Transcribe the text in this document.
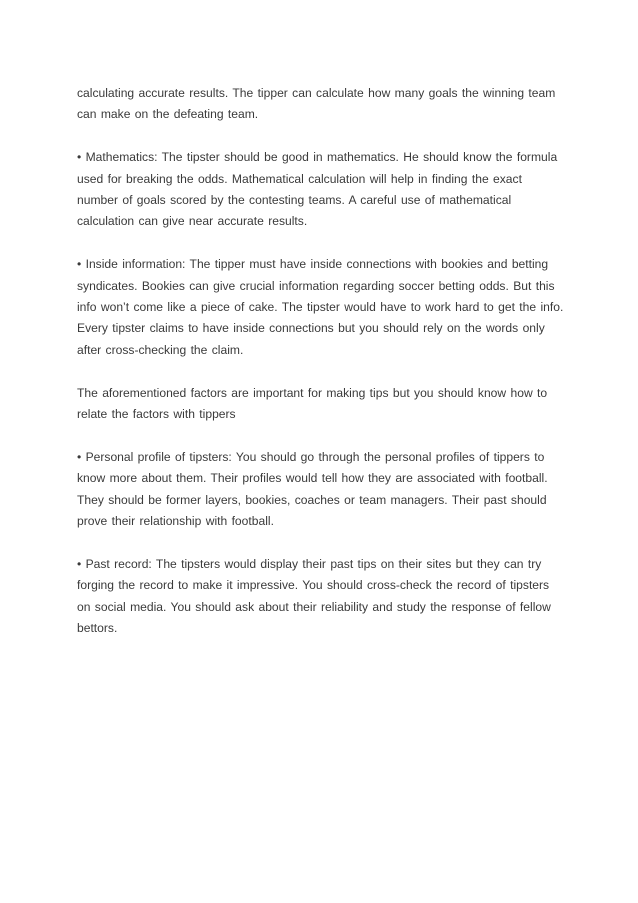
calculating accurate results. The tipper can calculate how many goals the winning team
can make on the defeating team.

• Mathematics: The tipster should be good in mathematics. He should know the formula
used for breaking the odds. Mathematical calculation will help in finding the exact
number of goals scored by the contesting teams. A careful use of mathematical
calculation can give near accurate results.

• Inside information: The tipper must have inside connections with bookies and betting
syndicates. Bookies can give crucial information regarding soccer betting odds. But this
info won’t come like a piece of cake. The tipster would have to work hard to get the info.
Every tipster claims to have inside connections but you should rely on the words only
after cross-checking the claim.

The aforementioned factors are important for making tips but you should know how to
relate the factors with tippers

• Personal profile of tipsters: You should go through the personal profiles of tippers to
know more about them. Their profiles would tell how they are associated with football.
They should be former layers, bookies, coaches or team managers. Their past should
prove their relationship with football.

• Past record: The tipsters would display their past tips on their sites but they can try
forging the record to make it impressive. You should cross-check the record of tipsters
on social media. You should ask about their reliability and study the response of fellow
bettors.
